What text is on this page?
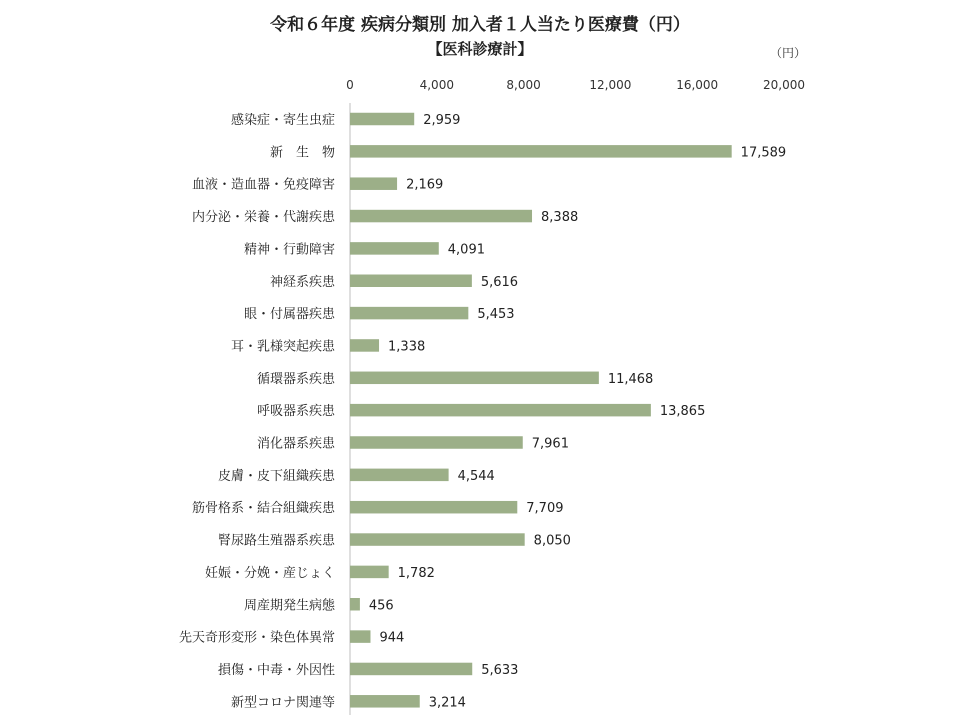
令和６年度 疾病分類別 加入者１人当たり医療費（円）
【医科診療計】	（円）
0	4,000	8,000	12,000	16,000	20,000
感染症・寄生虫症	2,959
新　生　物	17,589
血液・造血器・免疫障害	2,169
内分泌・栄養・代謝疾患	8,388
精神・行動障害	4,091
神経系疾患	5,616
眼・付属器疾患	5,453
耳・乳様突起疾患	1,338
循環器系疾患	11,468
呼吸器系疾患	13,865
消化器系疾患	7,961
皮膚・皮下組織疾患	4,544
筋骨格系・結合組織疾患	7,709
腎尿路生殖器系疾患	8,050
妊娠・分娩・産じょく	1,782
周産期発生病態	456
先天奇形変形・染色体異常	944
損傷・中毒・外因性	5,633
新型コロナ関連等	3,214
